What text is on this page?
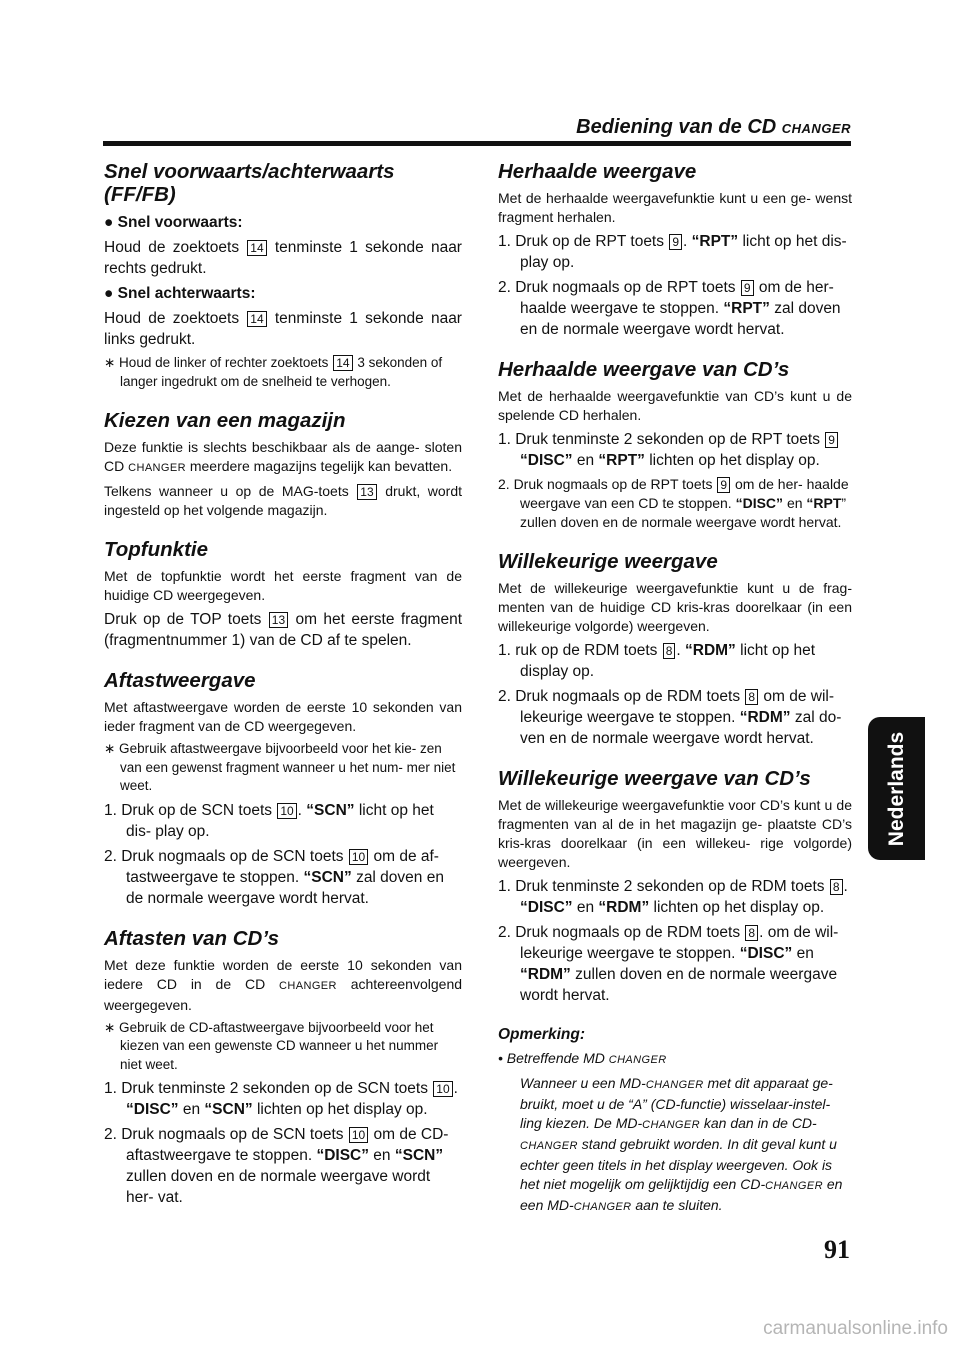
Bediening van de CD CHANGER
Snel voorwaarts/achterwaarts
(FF/FB)

● Snel voorwaarts:

Houd de zoektoets 14 tenminste 1 sekonde naar rechts gedrukt.

● Snel achterwaarts:

Houd de zoektoets 14 tenminste 1 sekonde naar links gedrukt.

∗ Houd de linker of rechter zoektoets 14 3 sekonden of langer ingedrukt om de snelheid te verhogen.

Kiezen van een magazijn

Deze funktie is slechts beschikbaar als de aange- sloten CD CHANGER meerdere magazijns tegelijk kan bevatten.

Telkens wanneer u op de MAG-toets 13 drukt, wordt ingesteld op het volgende magazijn.

Topfunktie

Met de topfunktie wordt het eerste fragment van de huidige CD weergegeven.

Druk op de TOP toets 13 om het eerste fragment (fragmentnummer 1) van de CD af te spelen.

Aftastweergave

Met aftastweergave worden de eerste 10 sekonden van ieder fragment van de CD weergegeven.

∗ Gebruik aftastweergave bijvoorbeeld voor het kie- zen van een gewenst fragment wanneer u het num- mer niet weet.

1. Druk op de SCN toets 10 . “SCN” licht op het dis- play op.

2. Druk nogmaals op de SCN toets 10 om de af- tastweergave te stoppen. “SCN” zal doven en de normale weergave wordt hervat.

Aftasten van CD’s

Met deze funktie worden de eerste 10 sekonden van iedere CD in de CD CHANGER achtereenvolgend weergegeven.

∗ Gebruik de CD-aftastweergave bijvoorbeeld voor het kiezen van een gewenste CD wanneer u het nummer niet weet.

1. Druk tenminste 2 sekonden op de SCN toets 10 . “DISC” en “SCN” lichten op het display op.

2. Druk nogmaals op de SCN toets 10 om de CD- aftastweergave te stoppen. “DISC” en “SCN” zullen doven en de normale weergave wordt her- vat.

Herhaalde weergave

Met de herhaalde weergavefunktie kunt u een ge- wenst fragment herhalen.

1. Druk op de RPT toets 9 . “RPT” licht op het dis- play op.

2. Druk nogmaals op de RPT toets 9 om de her- haalde weergave te stoppen. “RPT” zal doven en de normale weergave wordt hervat.

Herhaalde weergave van CD’s

Met de herhaalde weergavefunktie van CD’s kunt u de spelende CD herhalen.

1. Druk tenminste 2 sekonden op de RPT toets 9 “DISC” en “RPT” lichten op het display op.

2. Druk nogmaals op de RPT toets 9 om de her- haalde weergave van een CD te stoppen. “DISC” en “RPT” zullen doven en de normale weergave wordt hervat.

Willekeurige weergave

Met de willekeurige weergavefunktie kunt u de frag- menten van de huidige CD kris-kras doorelkaar (in een willekeurige volgorde) weergeven.

1. ruk op de RDM toets 8 . “RDM” licht op het display op.

2. Druk nogmaals op de RDM toets 8 om de wil- lekeurige weergave te stoppen. “RDM” zal do- ven en de normale weergave wordt hervat.

Willekeurige weergave van CD’s

Met de willekeurige weergavefunktie voor CD’s kunt u de fragmenten van al de in het magazijn ge- plaatste CD’s kris-kras doorelkaar (in een willekeu- rige volgorde) weergeven.

1. Druk tenminste 2 sekonden op de RDM toets 8 . “DISC” en “RDM” lichten op het display op.

2. Druk nogmaals op de RDM toets 8 . om de wil- lekeurige weergave te stoppen. “DISC” en “RDM” zullen doven en de normale weergave wordt hervat.

Opmerking:

• Betreffende MD CHANGER

Wanneer u een MD-CHANGER met dit apparaat ge- bruikt, moet u de “A” (CD-functie) wisselaar-instel- ling kiezen. De MD-CHANGER kan dan in de CD- CHANGER stand gebruikt worden. In dit geval kunt u echter geen titels in het display weergeven. Ook is het niet mogelijk om gelijktijdig een CD-CHANGER en een MD-CHANGER aan te sluiten.

Nederlands
91
carmanualsonline.info
